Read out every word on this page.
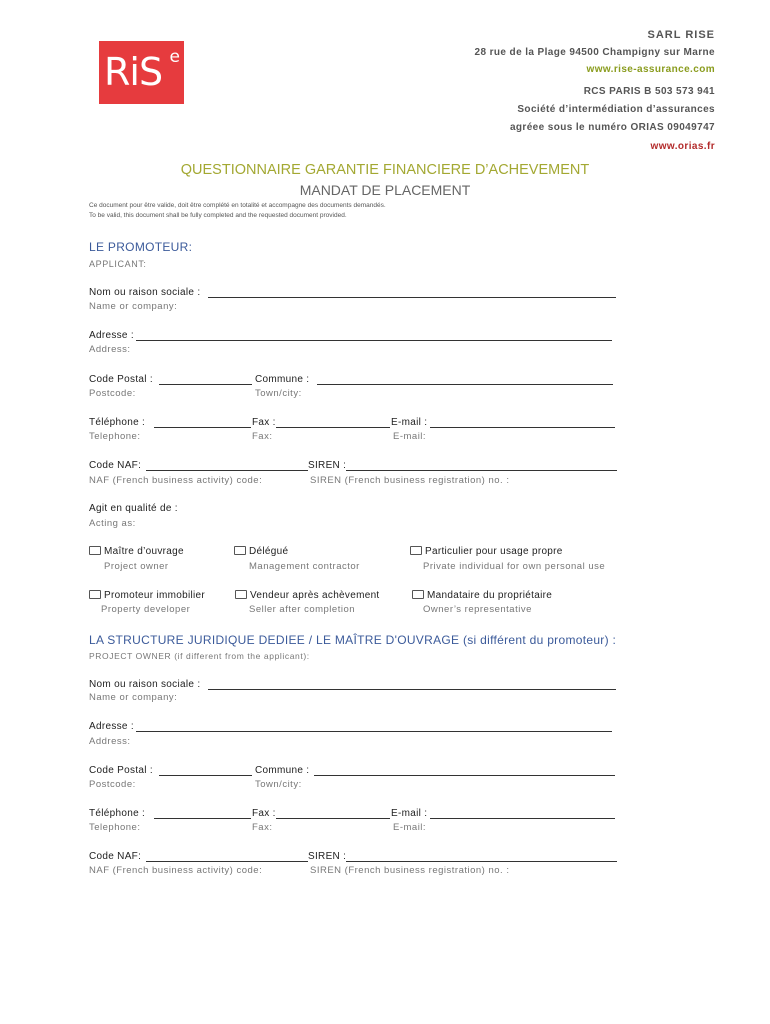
RiS e
SARL RISE
28 rue de la Plage 94500 Champigny sur Marne
www.rise-assurance.com
RCS PARIS B 503 573 941
Société d’intermédiation d’assurances
agréee sous le numéro ORIAS 09049747
www.orias.fr
QUESTIONNAIRE GARANTIE FINANCIERE D’ACHEVEMENT
MANDAT DE PLACEMENT
Ce document pour être valide, doit être complété en totalité et accompagne des documents demandés.
To be valid, this document shall be fully completed and the requested document provided.
LE PROMOTEUR:
APPLICANT:
Nom ou raison sociale :
Name or company:
Adresse :
Address:
Code Postal :	Commune :
Postcode:	Town/city:
Téléphone :	Fax :	E-mail :
Telephone:	Fax:	E-mail:
Code NAF:	SIREN :
NAF (French business activity) code:	SIREN (French business registration) no. :
Agit en qualité de :
Acting as:
Maître d’ouvrage
Project owner
Délégué
Management contractor
Particulier pour usage propre
Private individual for own personal use
Promoteur immobilier
Property developer
Vendeur après achèvement
Seller after completion
Mandataire du propriétaire
Owner’s representative
LA STRUCTURE JURIDIQUE DEDIEE / LE MAÎTRE D'OUVRAGE (si différent du promoteur) :
PROJECT OWNER (if different from the applicant):
Nom ou raison sociale :
Name or company:
Adresse :
Address:
Code Postal :	Commune :
Postcode:	Town/city:
Téléphone :	Fax :	E-mail :
Telephone:	Fax:	E-mail:
Code NAF:	SIREN :
NAF (French business activity) code:	SIREN (French business registration) no. :
